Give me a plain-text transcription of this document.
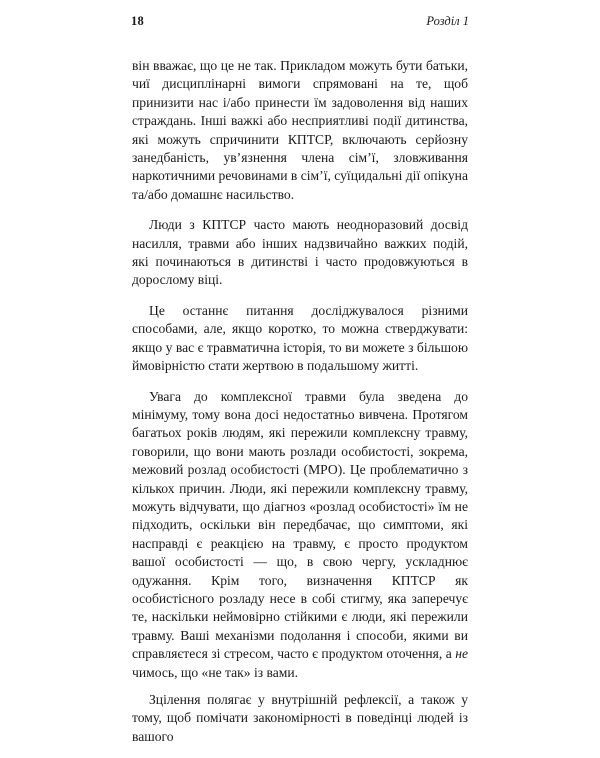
18	Розділ 1

він вважає, що це не так. Прикладом можуть бути батьки, чиї дисциплінарні вимоги спрямовані на те, щоб принизити нас і/або принести їм задоволення від наших страждань. Інші важкі або несприятливі події дитинства, які можуть спричинити КПТСР, включають серйозну занедбаність, ув’язнення члена сім’ї, зловживання наркотичними речовинами в сім’ї, суїцидальні дії опікуна та/або домашнє насильство.

Люди з КПТСР часто мають неодноразовий досвід насилля, травми або інших надзвичайно важких подій, які починаються в дитинстві і часто продовжуються в дорослому віці.

Це останнє питання досліджувалося різними способами, але, якщо коротко, то можна стверджувати: якщо у вас є травматична історія, то ви можете з більшою ймовірністю стати жертвою в подальшому житті.

Увага до комплексної травми була зведена до мінімуму, тому вона досі недостатньо вивчена. Протягом багатьох років людям, які пережили комплексну травму, говорили, що вони мають розлади особистості, зокрема, межовий розлад особистості (МРО). Це проблематично з кількох причин. Люди, які пережили комплексну травму, можуть відчувати, що діагноз «розлад особистості» їм не підходить, оскільки він передбачає, що симптоми, які насправді є реакцією на травму, є просто продуктом вашої особистості — що, в свою чергу, ускладнює одужання. Крім того, визначення КПТСР як особистісного розладу несе в собі стигму, яка заперечує те, наскільки неймовірно стійкими є люди, які пережили травму. Ваші механізми подолання і способи, якими ви справляєтеся зі стресом, часто є продуктом оточення, а не чимось, що «не так» із вами.

Зцілення полягає у внутрішній рефлексії, а також у тому, щоб помічати закономірності в поведінці людей із вашого
